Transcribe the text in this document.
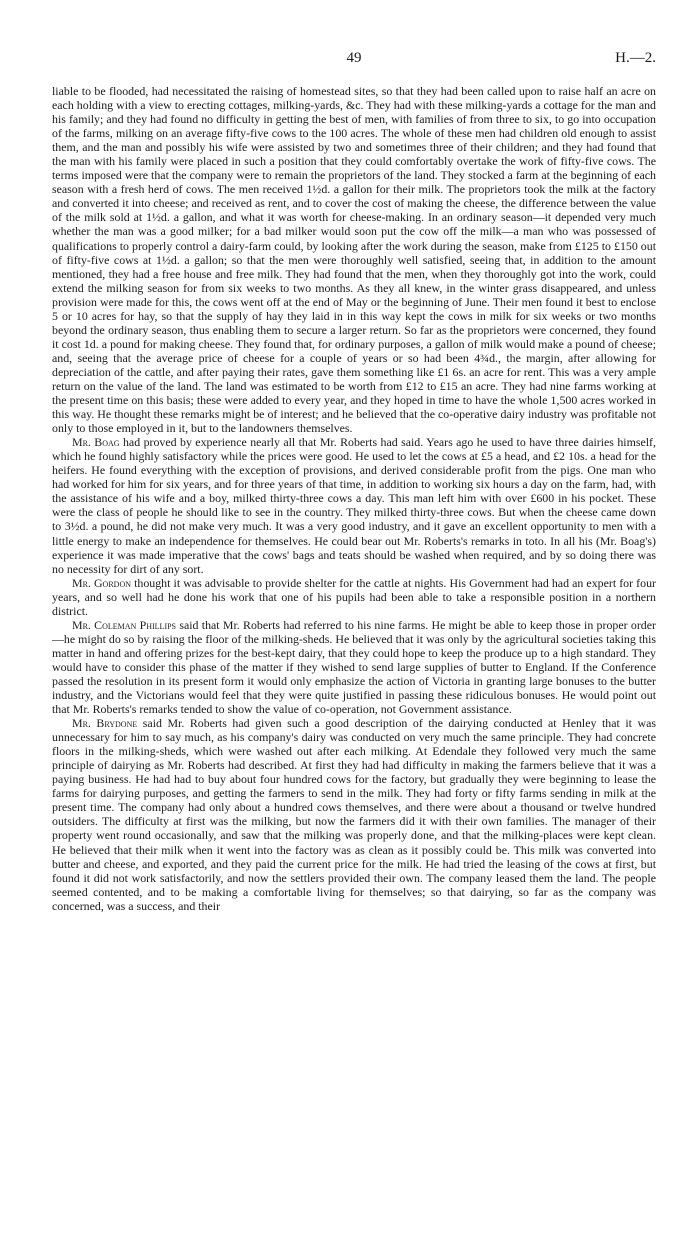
49	H.—2.

liable to be flooded, had necessitated the raising of homestead sites, so that they had been called upon to raise half an acre on each holding with a view to erecting cottages, milking-yards, &c. They had with these milking-yards a cottage for the man and his family; and they had found no difficulty in getting the best of men, with families of from three to six, to go into occupation of the farms, milking on an average fifty-five cows to the 100 acres. The whole of these men had children old enough to assist them, and the man and possibly his wife were assisted by two and sometimes three of their children; and they had found that the man with his family were placed in such a position that they could comfortably overtake the work of fifty-five cows. The terms imposed were that the company were to remain the proprietors of the land. They stocked a farm at the beginning of each season with a fresh herd of cows. The men received 1½d. a gallon for their milk. The proprietors took the milk at the factory and converted it into cheese; and received as rent, and to cover the cost of making the cheese, the difference between the value of the milk sold at 1½d. a gallon, and what it was worth for cheese-making. In an ordinary season—it depended very much whether the man was a good milker; for a bad milker would soon put the cow off the milk—a man who was possessed of qualifications to properly control a dairy-farm could, by looking after the work during the season, make from £125 to £150 out of fifty-five cows at 1½d. a gallon; so that the men were thoroughly well satisfied, seeing that, in addition to the amount mentioned, they had a free house and free milk. They had found that the men, when they thoroughly got into the work, could extend the milking season for from six weeks to two months. As they all knew, in the winter grass disappeared, and unless provision were made for this, the cows went off at the end of May or the beginning of June. Their men found it best to enclose 5 or 10 acres for hay, so that the supply of hay they laid in in this way kept the cows in milk for six weeks or two months beyond the ordinary season, thus enabling them to secure a larger return. So far as the proprietors were concerned, they found it cost 1d. a pound for making cheese. They found that, for ordinary purposes, a gallon of milk would make a pound of cheese; and, seeing that the average price of cheese for a couple of years or so had been 4¾d., the margin, after allowing for depreciation of the cattle, and after paying their rates, gave them something like £1 6s. an acre for rent. This was a very ample return on the value of the land. The land was estimated to be worth from £12 to £15 an acre. They had nine farms working at the present time on this basis; these were added to every year, and they hoped in time to have the whole 1,500 acres worked in this way. He thought these remarks might be of interest; and he believed that the co-operative dairy industry was profitable not only to those employed in it, but to the landowners themselves.

Mr. Boag had proved by experience nearly all that Mr. Roberts had said. Years ago he used to have three dairies himself, which he found highly satisfactory while the prices were good. He used to let the cows at £5 a head, and £2 10s. a head for the heifers. He found everything with the exception of provisions, and derived considerable profit from the pigs. One man who had worked for him for six years, and for three years of that time, in addition to working six hours a day on the farm, had, with the assistance of his wife and a boy, milked thirty-three cows a day. This man left him with over £600 in his pocket. These were the class of people he should like to see in the country. They milked thirty-three cows. But when the cheese came down to 3½d. a pound, he did not make very much. It was a very good industry, and it gave an excellent opportunity to men with a little energy to make an independence for themselves. He could bear out Mr. Roberts's remarks in toto. In all his (Mr. Boag's) experience it was made imperative that the cows' bags and teats should be washed when required, and by so doing there was no necessity for dirt of any sort.

Mr. Gordon thought it was advisable to provide shelter for the cattle at nights. His Government had had an expert for four years, and so well had he done his work that one of his pupils had been able to take a responsible position in a northern district.

Mr. Coleman Phillips said that Mr. Roberts had referred to his nine farms. He might be able to keep those in proper order—he might do so by raising the floor of the milking-sheds. He believed that it was only by the agricultural societies taking this matter in hand and offering prizes for the best-kept dairy, that they could hope to keep the produce up to a high standard. They would have to consider this phase of the matter if they wished to send large supplies of butter to England. If the Conference passed the resolution in its present form it would only emphasize the action of Victoria in granting large bonuses to the butter industry, and the Victorians would feel that they were quite justified in passing these ridiculous bonuses. He would point out that Mr. Roberts's remarks tended to show the value of co-operation, not Government assistance.

Mr. Brydone said Mr. Roberts had given such a good description of the dairying conducted at Henley that it was unnecessary for him to say much, as his company's dairy was conducted on very much the same principle. They had concrete floors in the milking-sheds, which were washed out after each milking. At Edendale they followed very much the same principle of dairying as Mr. Roberts had described. At first they had had difficulty in making the farmers believe that it was a paying business. He had had to buy about four hundred cows for the factory, but gradually they were beginning to lease the farms for dairying purposes, and getting the farmers to send in the milk. They had forty or fifty farms sending in milk at the present time. The company had only about a hundred cows themselves, and there were about a thousand or twelve hundred outsiders. The difficulty at first was the milking, but now the farmers did it with their own families. The manager of their property went round occasionally, and saw that the milking was properly done, and that the milking-places were kept clean. He believed that their milk when it went into the factory was as clean as it possibly could be. This milk was converted into butter and cheese, and exported, and they paid the current price for the milk. He had tried the leasing of the cows at first, but found it did not work satisfactorily, and now the settlers provided their own. The company leased them the land. The people seemed contented, and to be making a comfortable living for themselves; so that dairying, so far as the company was concerned, was a success, and their
